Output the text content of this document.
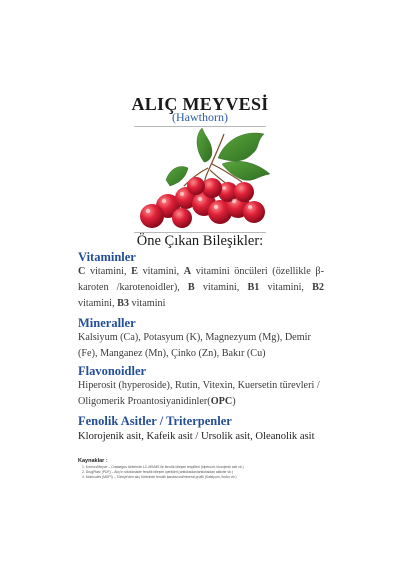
ALIÇ MEYVESİ
(Hawthorn)
Öne Çıkan Bileşikler:
Vitaminler
C vitamini, E vitamini, A vitamini öncüleri (özellikle β-karoten /karotenoidler), B vitamini, B1 vitamini, B2 vitamini, B3 vitamini
Mineraller
Kalsiyum (Ca), Potasyum (K), Magnezyum (Mg), Demir (Fe), Manganez (Mn), Çinko (Zn), Bakır (Cu)
Flavonoidler
Hiperosit (hyperoside), Rutin, Vitexin, Kuersetin türevleri / Oligomerik Proantosiyanidinler(OPC)
Fenolik Asitler / Triterpenler
Klorojenik asit, Kafeik asit / Ursolik asit, Oleanolik asit
Kaynaklar :
1. Kırmızı/Meyve – Crataegus türlerinde LC-MS/MS ile fenolik bileşen tespitleri (hiperozit, klorojenik asit vb.)
2. DrugPlatz (PDF) – Alıç'ın sitotoksisite fenolik bileşen içerikleri (antioksidan/antioksidan aktivite vb.)
3. Molecules (MDPI) – Türkiye'den alıç türlerinde fenolik karotenoid/mineral profili (Kalsiyum, fosfor vb.)
